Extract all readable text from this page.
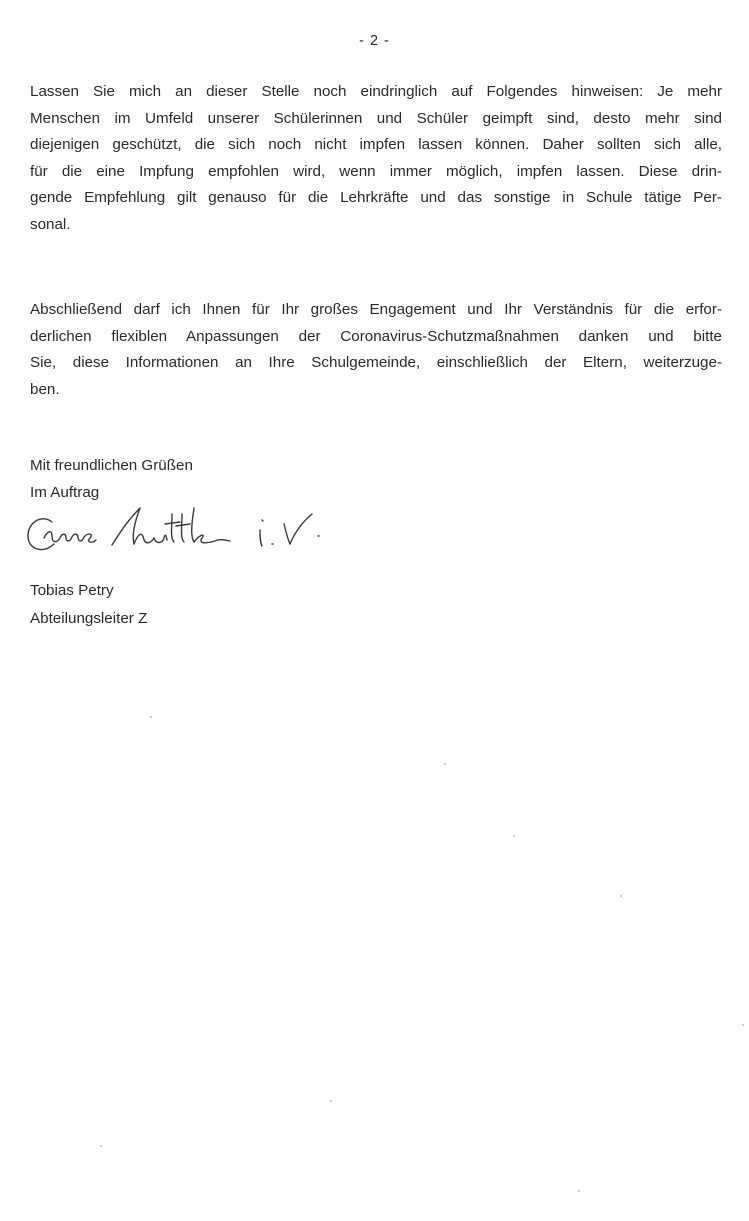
- 2 -

Lassen Sie mich an dieser Stelle noch eindringlich auf Folgendes hinweisen: Je mehr
Menschen im Umfeld unserer Schülerinnen und Schüler geimpft sind, desto mehr sind
diejenigen geschützt, die sich noch nicht impfen lassen können. Daher sollten sich alle,
für die eine Impfung empfohlen wird, wenn immer möglich, impfen lassen. Diese drin-
gende Empfehlung gilt genauso für die Lehrkräfte und das sonstige in Schule tätige Per-
sonal.

Abschließend darf ich Ihnen für Ihr großes Engagement und Ihr Verständnis für die erfor-
derlichen flexiblen Anpassungen der Coronavirus-Schutzmaßnahmen danken und bitte
Sie, diese Informationen an Ihre Schulgemeinde, einschließlich der Eltern, weiterzuge-
ben.

Mit freundlichen Grüßen
Im Auftrag
Tobias Petry
Abteilungsleiter Z
